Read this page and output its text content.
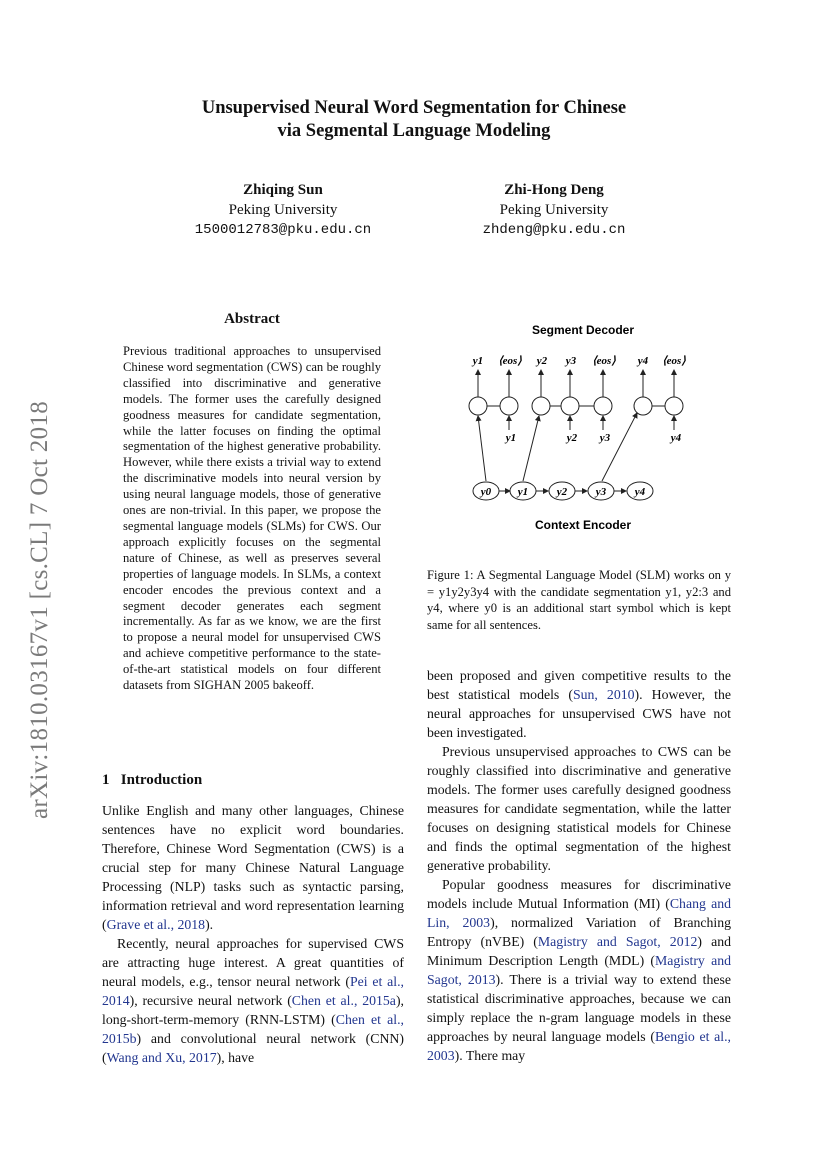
arXiv:1810.03167v1 [cs.CL] 7 Oct 2018
Unsupervised Neural Word Segmentation for Chinese
via Segmental Language Modeling
Zhiqing Sun
Peking University
1500012783@pku.edu.cn
Zhi-Hong Deng
Peking University
zhdeng@pku.edu.cn
Abstract
Previous traditional approaches to unsupervised Chinese word segmentation (CWS) can be roughly classified into discriminative and generative models. The former uses the carefully designed goodness measures for candidate segmentation, while the latter focuses on finding the optimal segmentation of the highest generative probability. However, while there exists a trivial way to extend the discriminative models into neural version by using neural language models, those of generative ones are non-trivial. In this paper, we propose the segmental language models (SLMs) for CWS. Our approach explicitly focuses on the segmental nature of Chinese, as well as preserves several properties of language models. In SLMs, a context encoder encodes the previous context and a segment decoder generates each segment incrementally. As far as we know, we are the first to propose a neural model for unsupervised CWS and achieve competitive performance to the state-of-the-art statistical models on four different datasets from SIGHAN 2005 bakeoff.
1 Introduction

Unlike English and many other languages, Chinese sentences have no explicit word boundaries. Therefore, Chinese Word Segmentation (CWS) is a crucial step for many Chinese Natural Language Processing (NLP) tasks such as syntactic parsing, information retrieval and word representation learning (Grave et al., 2018).

Recently, neural approaches for supervised CWS are attracting huge interest. A great quantities of neural models, e.g., tensor neural network (Pei et al., 2014), recursive neural network (Chen et al., 2015a), long-short-term-memory (RNN-LSTM) (Chen et al., 2015b) and convolutional neural network (CNN) (Wang and Xu, 2017), have

been proposed and given competitive results to the best statistical models (Sun, 2010). However, the neural approaches for unsupervised CWS have not been investigated.

Previous unsupervised approaches to CWS can be roughly classified into discriminative and generative models. The former uses carefully designed goodness measures for candidate segmentation, while the latter focuses on designing statistical models for Chinese and finds the optimal segmentation of the highest generative probability.

Popular goodness measures for discriminative models include Mutual Information (MI) (Chang and Lin, 2003), normalized Variation of Branching Entropy (nVBE) (Magistry and Sagot, 2012) and Minimum Description Length (MDL) (Magistry and Sagot, 2013). There is a trivial way to extend these statistical discriminative approaches, because we can simply replace the n-gram language models in these approaches by neural language models (Bengio et al., 2003). There may

Segment Decoder
y1 ⟨eos⟩ y2 y3 ⟨eos⟩ y4 ⟨eos⟩
y1	y2 y3	y4
y0 y1	y2	y3	y4
Context Encoder
Figure 1: A Segmental Language Model (SLM) works on y = y1y2y3y4 with the candidate segmentation y1, y2:3 and y4, where y0 is an additional start symbol which is kept same for all sentences.
